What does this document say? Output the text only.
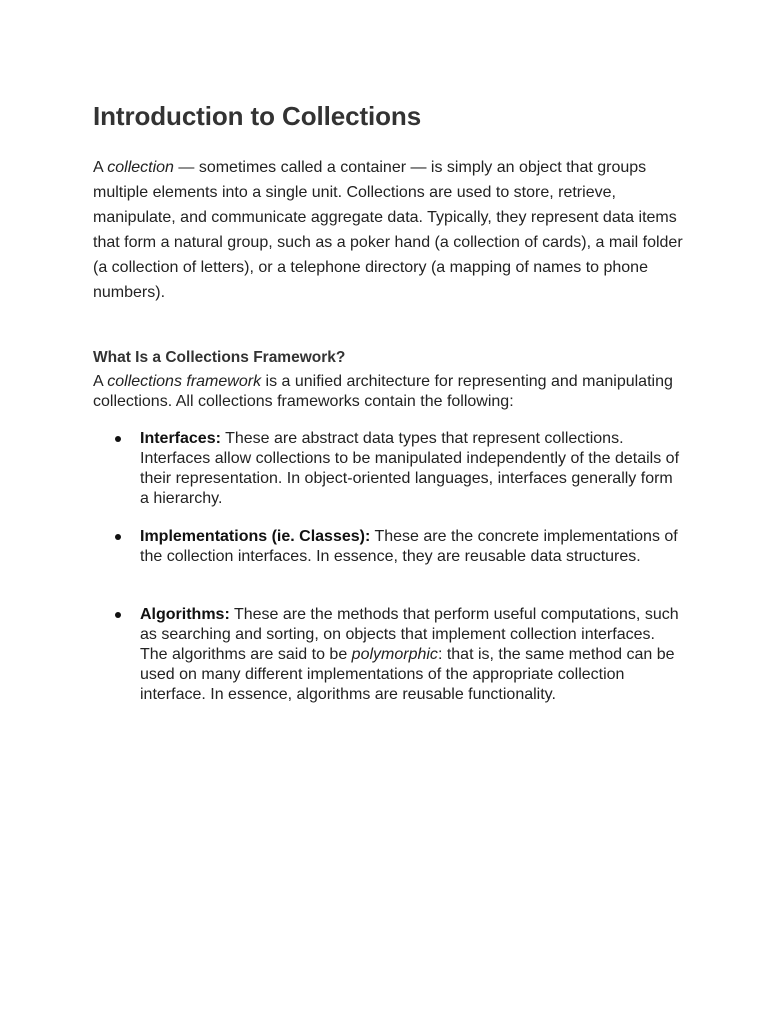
Introduction to Collections

A collection — sometimes called a container — is simply an object that groups multiple elements into a single unit. Collections are used to store, retrieve, manipulate, and communicate aggregate data. Typically, they represent data items that form a natural group, such as a poker hand (a collection of cards), a mail folder (a collection of letters), or a telephone directory (a mapping of names to phone numbers).

What Is a Collections Framework?

A collections framework is a unified architecture for representing and manipulating collections. All collections frameworks contain the following:

Interfaces: These are abstract data types that represent collections. Interfaces allow collections to be manipulated independently of the details of their representation. In object-oriented languages, interfaces generally form a hierarchy.

Implementations (ie. Classes): These are the concrete implementations of the collection interfaces. In essence, they are reusable data structures.

Algorithms: These are the methods that perform useful computations, such as searching and sorting, on objects that implement collection interfaces. The algorithms are said to be polymorphic: that is, the same method can be used on many different implementations of the appropriate collection interface. In essence, algorithms are reusable functionality.
